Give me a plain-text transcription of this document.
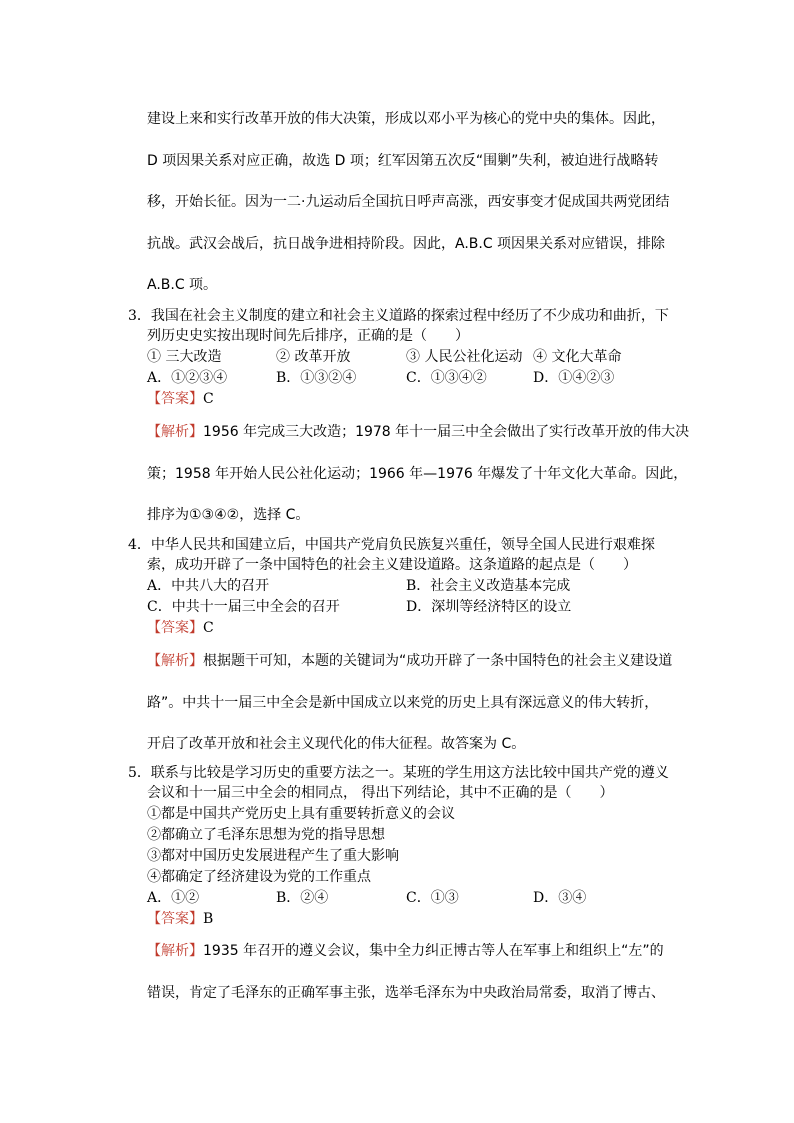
建设上来和实行改革开放的伟大决策，形成以邓小平为核心的党中央的集体。因此，
D 项因果关系对应正确，故选 D 项；红军因第五次反“围剿”失利，被迫进行战略转
移，开始长征。因为一二·九运动后全国抗日呼声高涨，西安事变才促成国共两党团结
抗战。武汉会战后，抗日战争进相持阶段。因此，A.B.C 项因果关系对应错误，排除
A.B.C 项。
3．我国在社会主义制度的建立和社会主义道路的探索过程中经历了不少成功和曲折，下
列历史史实按出现时间先后排序，正确的是（　　）
① 三大改造	② 改革开放	③ 人民公社化运动 ④ 文化大革命
A．①②③④	B．①③②④	C．①③④②	D．①④②③
【答案】C
【解析】1956 年完成三大改造；1978 年十一届三中全会做出了实行改革开放的伟大决
策；1958 年开始人民公社化运动；1966 年—1976 年爆发了十年文化大革命。因此，
排序为①③④②，选择 C。
4．中华人民共和国建立后，中国共产党肩负民族复兴重任，领导全国人民进行艰难探
索，成功开辟了一条中国特色的社会主义建设道路。这条道路的起点是（　　）
A．中共八大的召开	B．社会主义改造基本完成
C．中共十一届三中全会的召开	D．深圳等经济特区的设立
【答案】C
【解析】根据题干可知，本题的关键词为“成功开辟了一条中国特色的社会主义建设道
路”。中共十一届三中全会是新中国成立以来党的历史上具有深远意义的伟大转折，
开启了改革开放和社会主义现代化的伟大征程。故答案为 C。
5．联系与比较是学习历史的重要方法之一。某班的学生用这方法比较中国共产党的遵义
会议和十一届三中全会的相同点， 得出下列结论，其中不正确的是（　　）
①都是中国共产党历史上具有重要转折意义的会议
②都确立了毛泽东思想为党的指导思想
③都对中国历史发展进程产生了重大影响
④都确定了经济建设为党的工作重点
A．①②	B．②④	C．①③	D．③④
【答案】B
【解析】1935 年召开的遵义会议，集中全力纠正博古等人在军事上和组织上“左”的
错误，肯定了毛泽东的正确军事主张，选举毛泽东为中央政治局常委，取消了博古、
